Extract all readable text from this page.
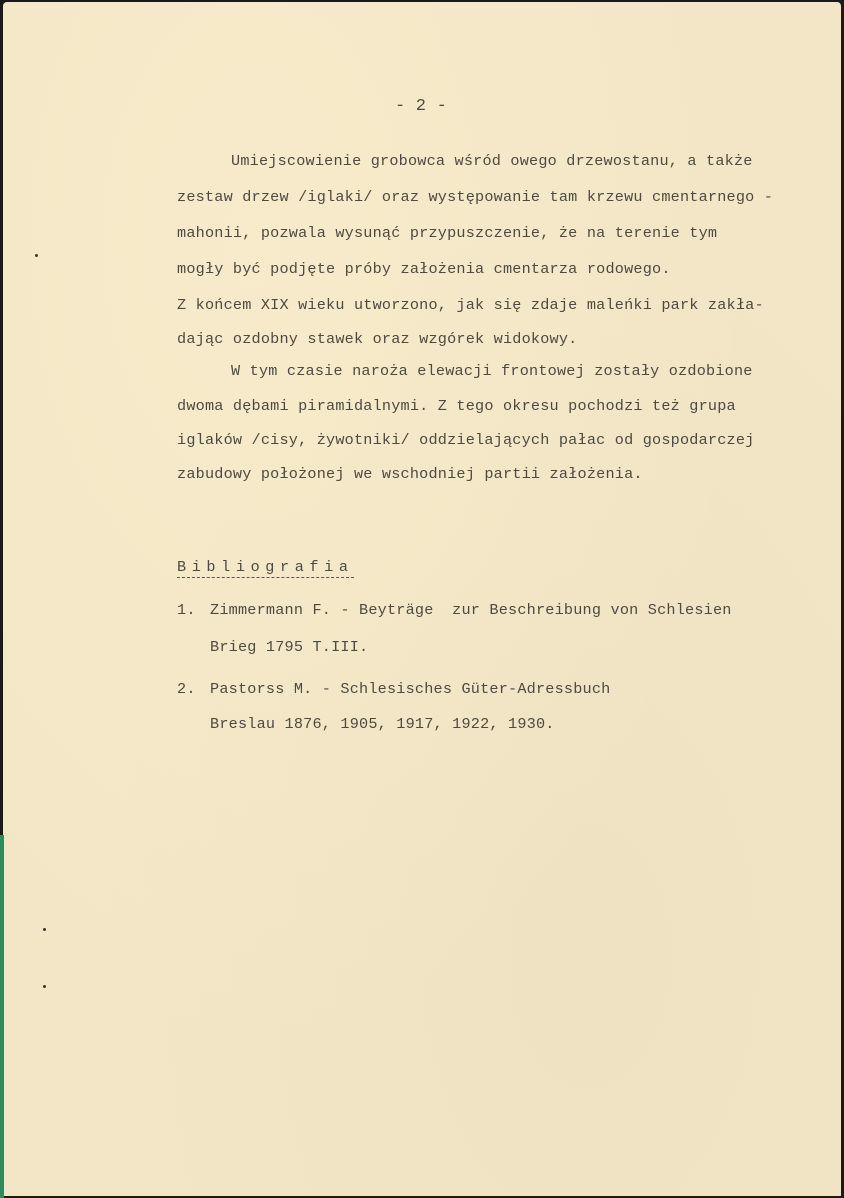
- 2 -
Umiejscowienie grobowca wśród owego drzewostanu, a także
zestaw drzew /iglaki/ oraz występowanie tam krzewu cmentarnego -
mahonii, pozwala wysunąć przypuszczenie, że na terenie tym
mogły być podjęte próby założenia cmentarza rodowego.
Z końcem XIX wieku utworzono, jak się zdaje maleńki park zakła-
dając ozdobny stawek oraz wzgórek widokowy.
W tym czasie naroża elewacji frontowej zostały ozdobione
dwoma dębami piramidalnymi. Z tego okresu pochodzi też grupa
iglaków /cisy, żywotniki/ oddzielających pałac od gospodarczej
zabudowy położonej we wschodniej partii założenia.
Bibliografia
1. Zimmermann F. - Beyträge  zur Beschreibung von Schlesien
Brieg 1795 T.III.
2. Pastorss M. - Schlesisches Güter-Adressbuch
Breslau 1876, 1905, 1917, 1922, 1930.
